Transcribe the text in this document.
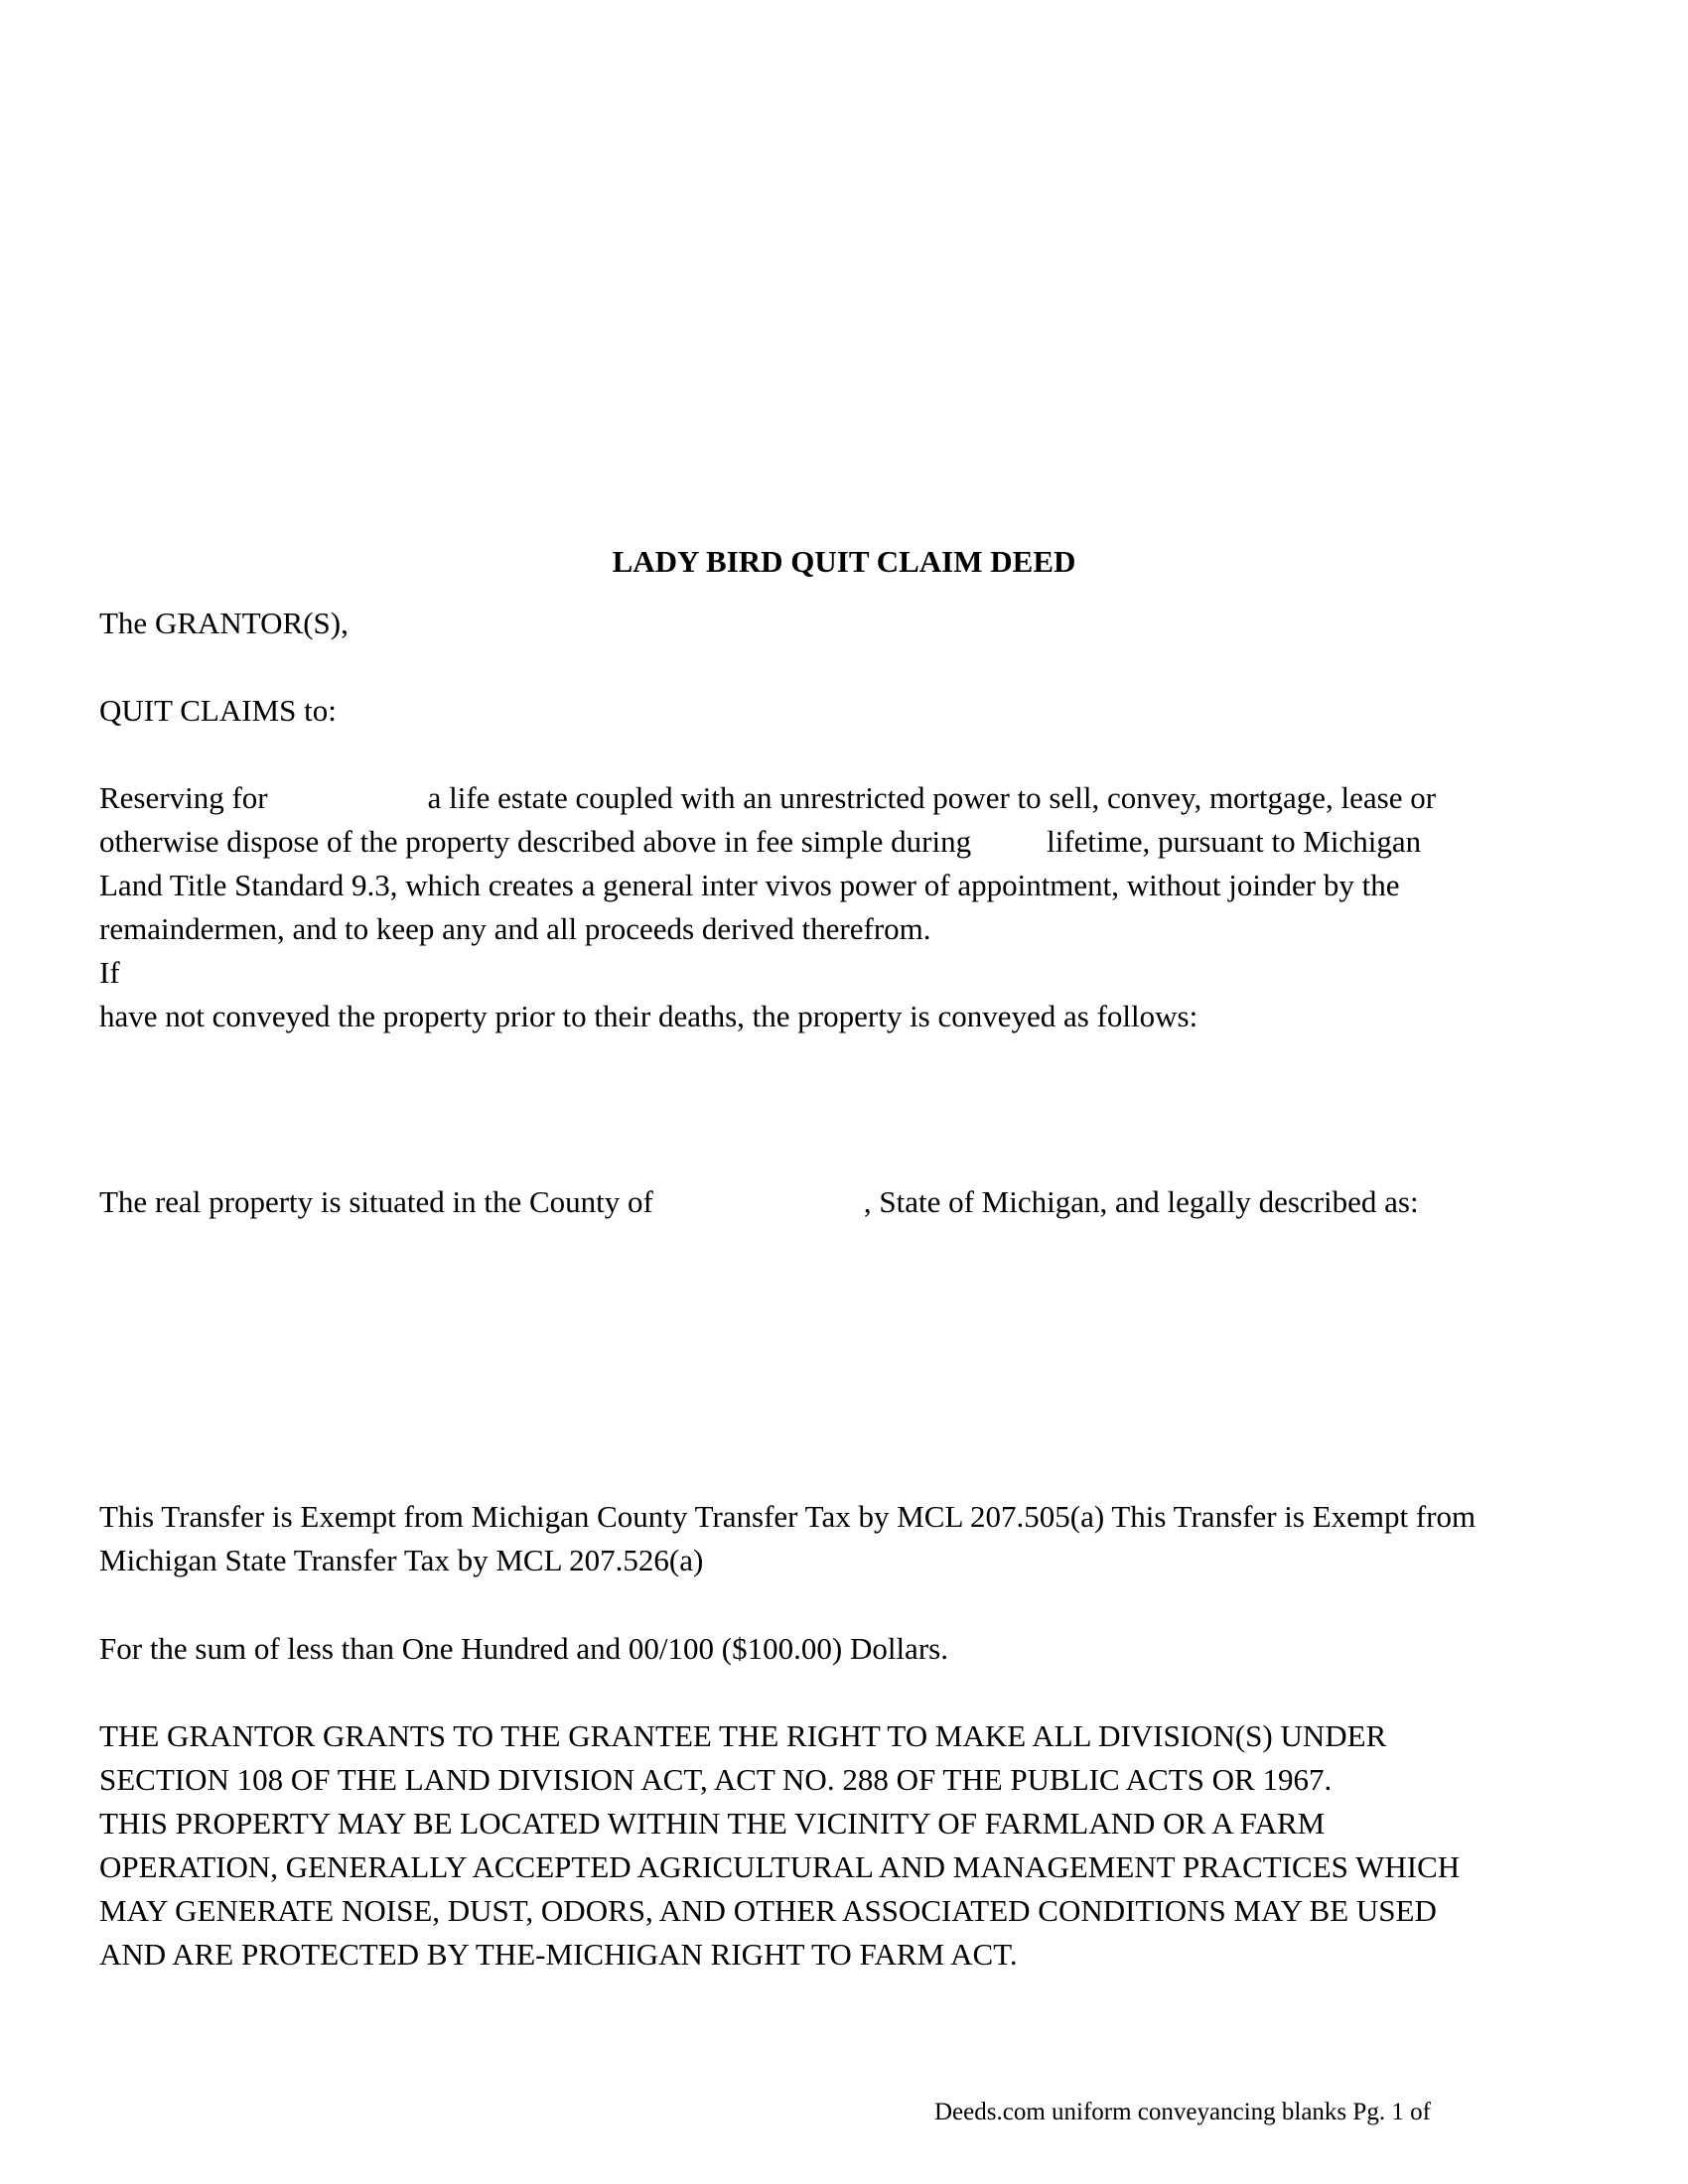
LADY BIRD QUIT CLAIM DEED
The GRANTOR(S),
QUIT CLAIMS to:
Reserving for	a life estate coupled with an unrestricted power to sell, convey, mortgage, lease or
otherwise dispose of the property described above in fee simple during lifetime, pursuant to Michigan
Land Title Standard 9.3, which creates a general inter vivos power of appointment, without joinder by the
remaindermen, and to keep any and all proceeds derived therefrom.
If
have not conveyed the property prior to their deaths, the property is conveyed as follows:
The real property is situated in the County of	, State of Michigan, and legally described as:
This Transfer is Exempt from Michigan County Transfer Tax by MCL 207.505(a) This Transfer is Exempt from
Michigan State Transfer Tax by MCL 207.526(a)
For the sum of less than One Hundred and 00/100 ($100.00) Dollars.
THE GRANTOR GRANTS TO THE GRANTEE THE RIGHT TO MAKE ALL DIVISION(S) UNDER
SECTION 108 OF THE LAND DIVISION ACT, ACT NO. 288 OF THE PUBLIC ACTS OR 1967.
THIS PROPERTY MAY BE LOCATED WITHIN THE VICINITY OF FARMLAND OR A FARM
OPERATION, GENERALLY ACCEPTED AGRICULTURAL AND MANAGEMENT PRACTICES WHICH
MAY GENERATE NOISE, DUST, ODORS, AND OTHER ASSOCIATED CONDITIONS MAY BE USED
AND ARE PROTECTED BY THE-MICHIGAN RIGHT TO FARM ACT.
Deeds.com uniform conveyancing blanks Pg. 1 of
